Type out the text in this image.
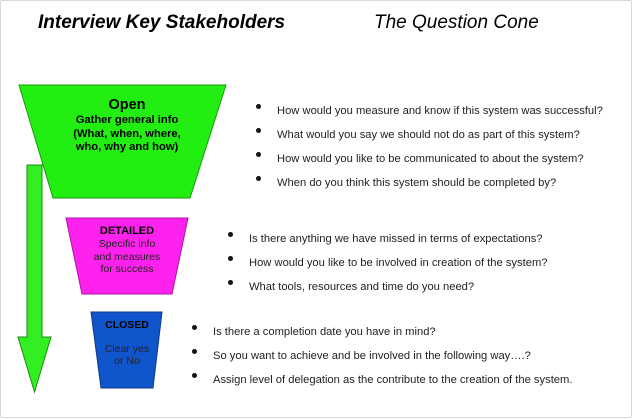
Interview Key Stakeholders	The Question Cone
Open
Gather general info
(What, when, where,
who, why and how)
DETAILED
Specific info
and measures
for success
CLOSED
Clear yes
or No
How would you measure and know if this system was successful?
What would you say we should not do as part of this system?
How would you like to be communicated to about the system?
When do you think this system should be completed by?
Is there anything we have missed in terms of expectations?
How would you like to be involved in creation of the system?
What tools, resources and time do you need?
Is there a completion date you have in mind?
So you want to achieve and be involved in the following way….?
Assign level of delegation as the contribute to the creation of the system.
